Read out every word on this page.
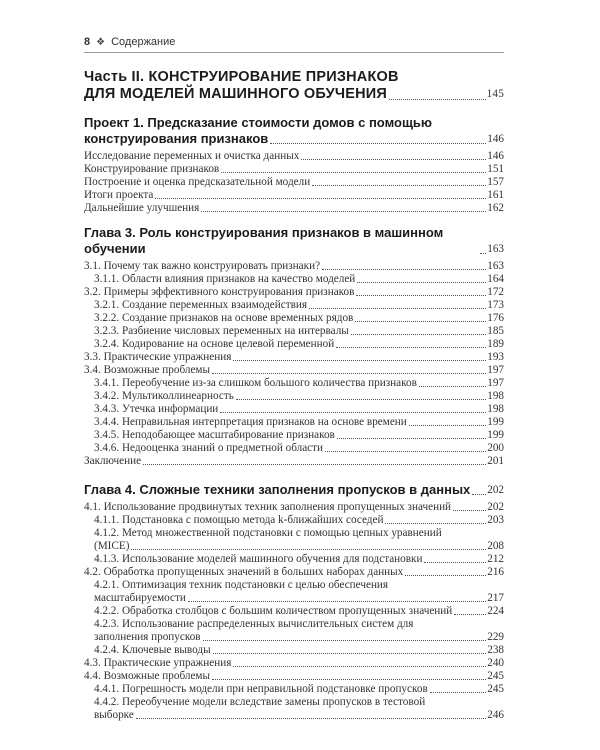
8 ❖ Содержание
Часть II. КОНСТРУИРОВАНИЕ ПРИЗНАКОВ
ДЛЯ МОДЕЛЕЙ МАШИННОГО ОБУЧЕНИЯ	145
Проект 1. Предсказание стоимости домов с помощью
конструирования признаков	146
Исследование переменных и очистка данных	146
Конструирование признаков	151
Построение и оценка предсказательной модели	157
Итоги проекта	161
Дальнейшие улучшения	162
Глава 3. Роль конструирования признаков в машинном обучении	163
3.1. Почему так важно конструировать признаки?	163
3.1.1. Области влияния признаков на качество моделей	164
3.2. Примеры эффективного конструирования признаков	172
3.2.1. Создание переменных взаимодействия	173
3.2.2. Создание признаков на основе временных рядов	176
3.2.3. Разбиение числовых переменных на интервалы	185
3.2.4. Кодирование на основе целевой переменной	189
3.3. Практические упражнения	193
3.4. Возможные проблемы	197
3.4.1. Переобучение из-за слишком большого количества признаков	197
3.4.2. Мультиколлинеарность	198
3.4.3. Утечка информации	198
3.4.4. Неправильная интерпретация признаков на основе времени	199
3.4.5. Неподобающее масштабирование признаков	199
3.4.6. Недооценка знаний о предметной области	200
Заключение	201
Глава 4. Сложные техники заполнения пропусков в данных 202
4.1. Использование продвинутых техник заполнения пропущенных значений	202
4.1.1. Подстановка с помощью метода k-ближайших соседей	203
4.1.2. Метод множественной подстановки с помощью цепных уравнений
(MICE)	208
4.1.3. Использование моделей машинного обучения для подстановки	212
4.2. Обработка пропущенных значений в больших наборах данных	216
4.2.1. Оптимизация техник подстановки с целью обеспечения
масштабируемости	217
4.2.2. Обработка столбцов с большим количеством пропущенных значений	224
4.2.3. Использование распределенных вычислительных систем для
заполнения пропусков	229
4.2.4. Ключевые выводы	238
4.3. Практические упражнения	240
4.4. Возможные проблемы	245
4.4.1. Погрешность модели при неправильной подстановке пропусков	245
4.4.2. Переобучение модели вследствие замены пропусков в тестовой
выборке	246
